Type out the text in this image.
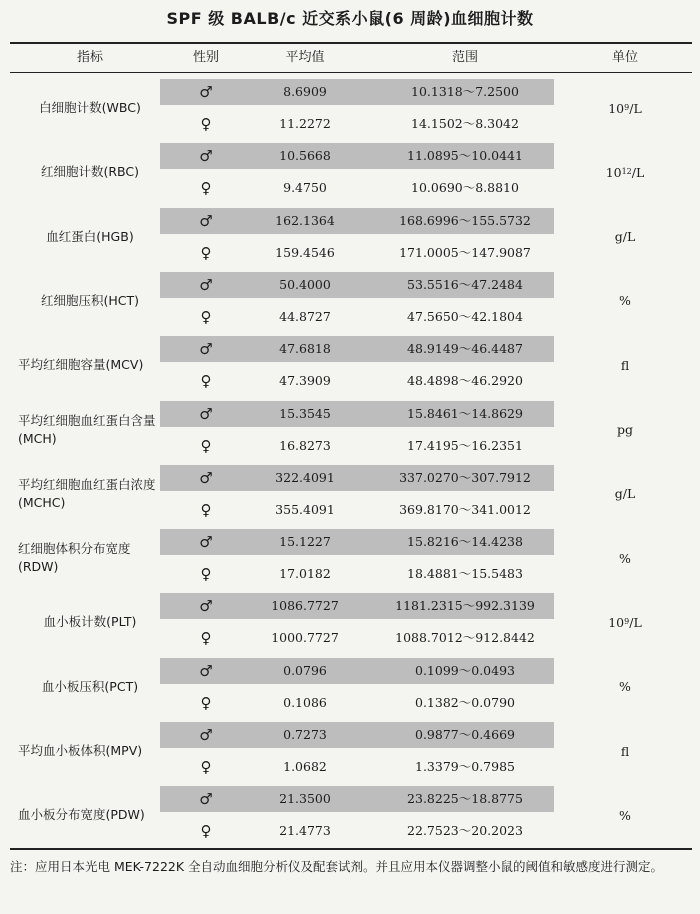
SPF 级 BALB/c 近交系小鼠(6 周龄)血细胞计数
指标	性别	平均值	范围	单位
白细胞计数(WBC)
♂	8.6909	10.1318～7.2500
♀	11.2272	14.1502～8.3042
10 9 /L
红细胞计数(RBC)
♂	10.5668	11.0895～10.0441
♀	9.4750	10.0690～8.8810
10 12 /L
血红蛋白(HGB)
♂	162.1364	168.6996～155.5732
♀	159.4546	171.0005～147.9087
g/L
红细胞压积(HCT)
♂	50.4000	53.5516～47.2484
♀	44.8727	47.5650～42.1804
%
平均红细胞容量(MCV)
♂	47.6818	48.9149～46.4487
♀	47.3909	48.4898～46.2920
fl
平均红细胞血红蛋白含量(MCH)
♂	15.3545	15.8461～14.8629
♀	16.8273	17.4195～16.2351
pg
平均红细胞血红蛋白浓度(MCHC)
♂	322.4091	337.0270～307.7912
♀	355.4091	369.8170～341.0012
g/L
红细胞体积分布宽度(RDW)
♂	15.1227	15.8216～14.4238
♀	17.0182	18.4881～15.5483
%
血小板计数(PLT)
♂	1086.7727	1181.2315～992.3139
♀	1000.7727	1088.7012～912.8442
10 9 /L
血小板压积(PCT)
♂	0.0796	0.1099～0.0493
♀	0.1086	0.1382～0.0790
%
平均血小板体积(MPV)
♂	0.7273	0.9877～0.4669
♀	1.0682	1.3379～0.7985
fl
血小板分布宽度(PDW)
♂	21.3500	23.8225～18.8775
♀	21.4773	22.7523～20.2023
%
注：应用日本光电 MEK-7222K 全自动血细胞分析仪及配套试剂。并且应用本仪器调整小鼠的阈值和敏感度进行测定。
